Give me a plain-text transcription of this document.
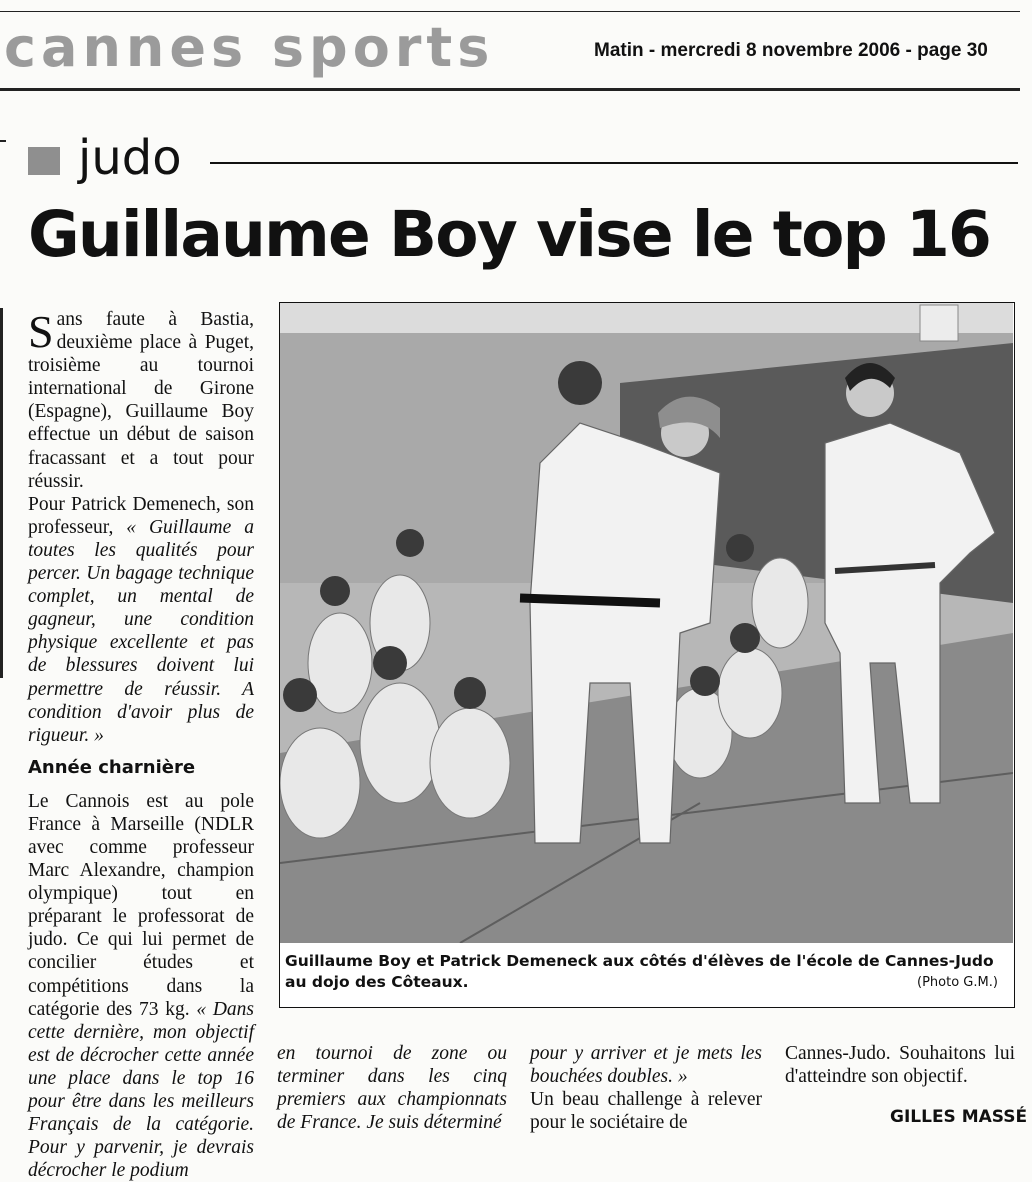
cannes sports	Matin - mercredi 8 novembre 2006 - page 30
judo
Guillaume Boy vise le top 16

Sans faute à Bastia, deuxième place à Puget, troisième au tournoi international de Girone (Espagne), Guillaume Boy effectue un début de saison fracassant et a tout pour réussir.

Pour Patrick Demenech, son professeur, « Guillaume a toutes les qualités pour percer. Un bagage technique complet, un mental de gagneur, une condition physique excellente et pas de blessures doivent lui permettre de réussir. A condition d'avoir plus de rigueur. »

Année charnière

Le Cannois est au pole France à Marseille (NDLR avec comme professeur Marc Alexandre, champion olympique) tout en préparant le professorat de judo. Ce qui lui permet de concilier études et compétitions dans la catégorie des 73 kg. « Dans cette dernière, mon objectif est de décrocher cette année une place dans le top 16 pour être dans les meilleurs Français de la catégorie. Pour y parvenir, je devrais décrocher le podium

en tournoi de zone ou terminer dans les cinq premiers aux championnats de France. Je suis déterminé

pour y arriver et je mets les bouchées doubles. »

Un beau challenge à relever pour le sociétaire de

Cannes-Judo. Souhaitons lui d'atteindre son objectif.

GILLES MASSÉ
Guillaume Boy et Patrick Demeneck aux côtés d'élèves de l'école de Cannes-Judo au dojo des Côteaux.	(Photo G.M.)
